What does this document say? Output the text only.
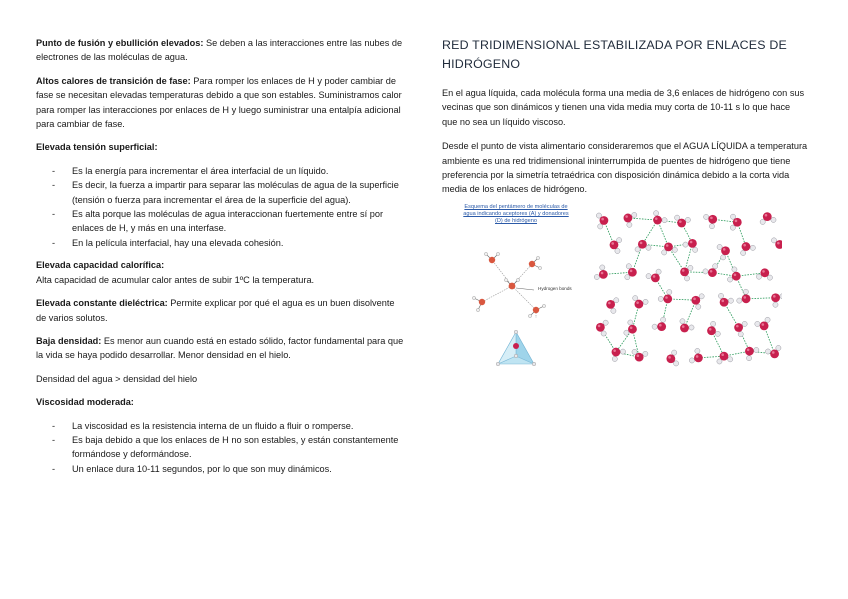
Punto de fusión y ebullición elevados: Se deben a las interacciones entre las nubes de electrones de las moléculas de agua.

Altos calores de transición de fase: Para romper los enlaces de H y poder cambiar de fase se necesitan elevadas temperaturas debido a que son estables. Suministramos calor para romper las interacciones por enlaces de H y luego suministrar una entalpía adicional para cambiar de fase.

Elevada tensión superficial:

- Es la energía para incrementar el área interfacial de un líquido.
- Es decir, la fuerza a impartir para separar las moléculas de agua de la superficie (tensión o fuerza para incrementar el área de la superficie del agua).
- Es alta porque las moléculas de agua interaccionan fuertemente entre sí por enlaces de H, y más en una interfase.
- En la película interfacial, hay una elevada cohesión.

Elevada capacidad calorífica:
Alta capacidad de acumular calor antes de subir 1ºC la temperatura.

Elevada constante dieléctrica: Permite explicar por qué el agua es un buen disolvente de varios solutos.

Baja densidad: Es menor aun cuando está en estado sólido, factor fundamental para que la vida se haya podido desarrollar. Menor densidad en el hielo.

Densidad del agua > densidad del hielo

Viscosidad moderada:

- La viscosidad es la resistencia interna de un fluido a fluir o romperse.
- Es baja debido a que los enlaces de H no son estables, y están constantemente formándose y deformándose.
- Un enlace dura 10-11 segundos, por lo que son muy dinámicos.
RED TRIDIMENSIONAL ESTABILIZADA POR ENLACES DE HIDRÓGENO

En el agua líquida, cada molécula forma una media de 3,6 enlaces de hidrógeno con sus vecinas que son dinámicos y tienen una vida media muy corta de 10-11 s lo que hace que no sea un líquido viscoso.

Desde el punto de vista alimentario consideraremos que el AGUA LÍQUIDA a temperatura ambiente es una red tridimensional ininterrumpida de puentes de hidrógeno que tiene preferencia por la simetría tetraédrica con disposición dinámica debido a la corta vida media de los enlaces de hidrógeno.

Esquema del pentámero de moléculas de agua indicando aceptores (A) y donadores (D) de hidrógeno
Hydrogen bonds
